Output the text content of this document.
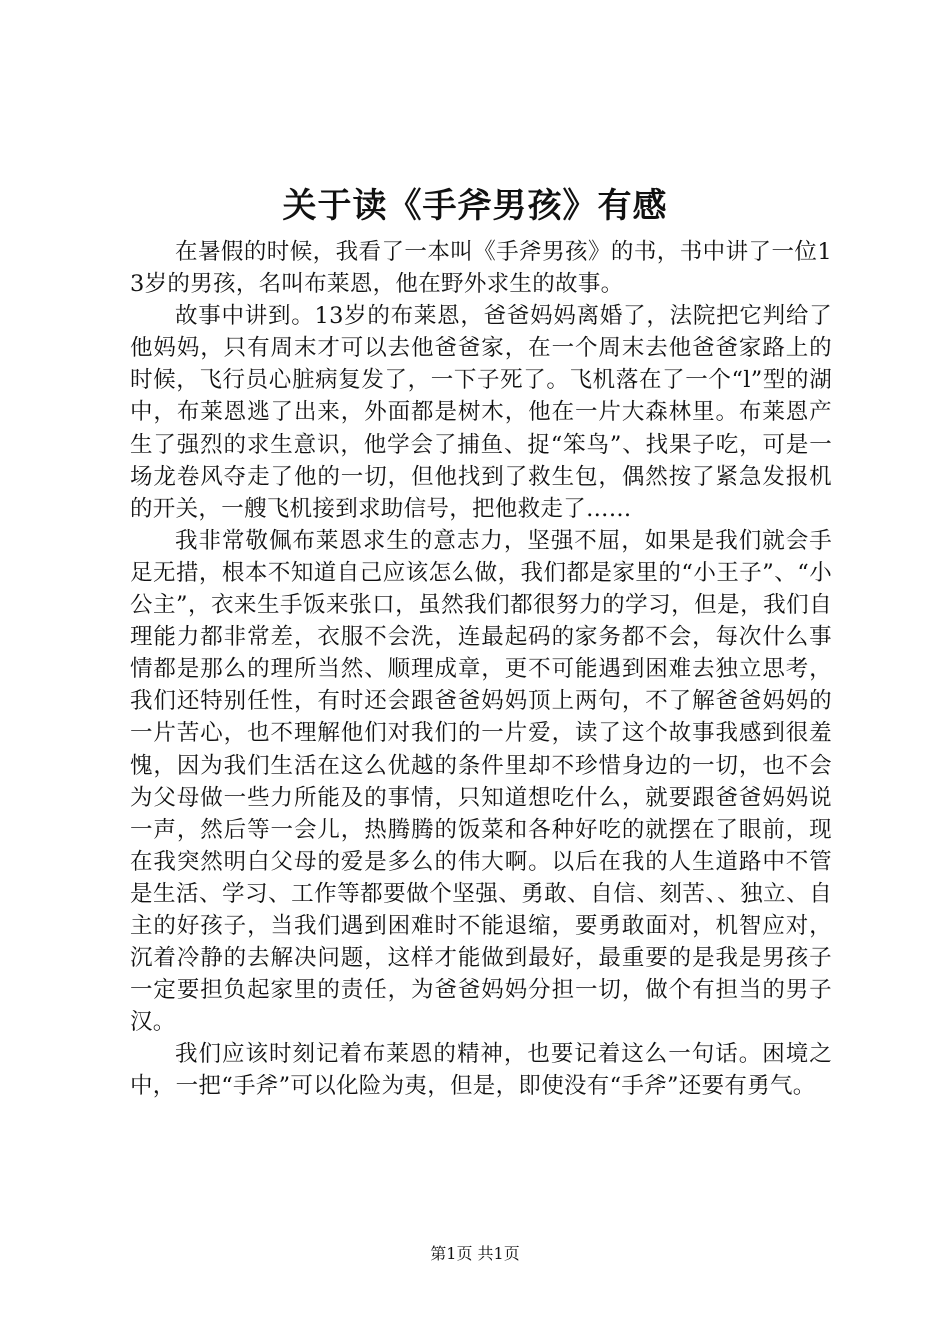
关于读《手斧男孩》有感

在暑假的时候，我看了一本叫《手斧男孩》的书，书中讲了一位13岁的男孩，名叫布莱恩，他在野外求生的故事。

故事中讲到。13岁的布莱恩，爸爸妈妈离婚了，法院把它判给了他妈妈，只有周末才可以去他爸爸家，在一个周末去他爸爸家路上的时候，飞行员心脏病复发了，一下子死了。飞机落在了一个“l”型的湖中，布莱恩逃了出来，外面都是树木，他在一片大森林里。布莱恩产生了强烈的求生意识，他学会了捕鱼、捉“笨鸟”、找果子吃，可是一场龙卷风夺走了他的一切，但他找到了救生包，偶然按了紧急发报机的开关，一艘飞机接到求助信号，把他救走了……

我非常敬佩布莱恩求生的意志力，坚强不屈，如果是我们就会手足无措，根本不知道自己应该怎么做，我们都是家里的“小王子”、“小公主”，衣来生手饭来张口，虽然我们都很努力的学习，但是，我们自理能力都非常差，衣服不会洗，连最起码的家务都不会，每次什么事情都是那么的理所当然、顺理成章，更不可能遇到困难去独立思考，我们还特别任性，有时还会跟爸爸妈妈顶上两句，不了解爸爸妈妈的一片苦心，也不理解他们对我们的一片爱，读了这个故事我感到很羞愧，因为我们生活在这么优越的条件里却不珍惜身边的一切，也不会为父母做一些力所能及的事情，只知道想吃什么，就要跟爸爸妈妈说一声，然后等一会儿，热腾腾的饭菜和各种好吃的就摆在了眼前，现在我突然明白父母的爱是多么的伟大啊。以后在我的人生道路中不管是生活、学习、工作等都要做个坚强、勇敢、自信、刻苦、、独立、自主的好孩子，当我们遇到困难时不能退缩，要勇敢面对，机智应对，沉着冷静的去解决问题，这样才能做到最好，最重要的是我是男孩子一定要担负起家里的责任，为爸爸妈妈分担一切，做个有担当的男子汉。

我们应该时刻记着布莱恩的精神，也要记着这么一句话。困境之中，一把“手斧”可以化险为夷，但是，即使没有“手斧”还要有勇气。

第1页 共1页
